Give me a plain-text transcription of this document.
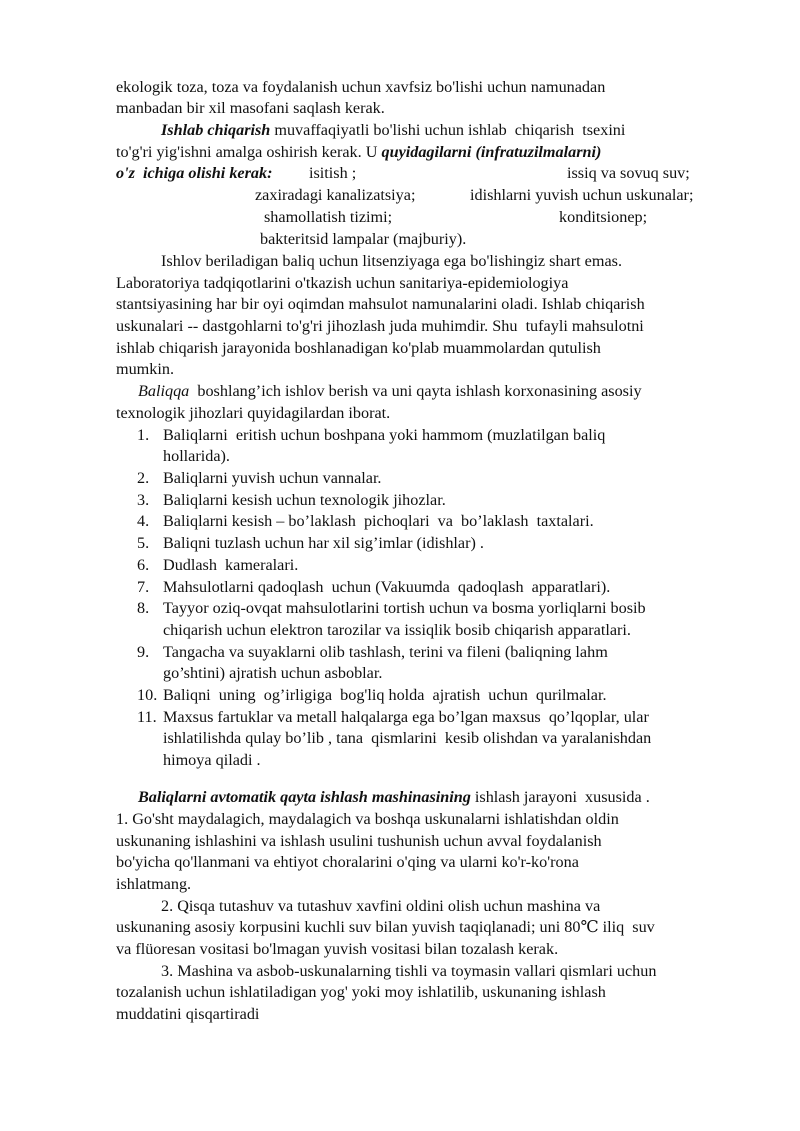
ekologik toza, toza va foydalanish uchun xavfsiz bo'lishi uchun namunadan
manbadan bir xil masofani saqlash kerak.
Ishlab chiqarish muvaffaqiyatli bo'lishi uchun ishlab  chiqarish  tsexini
to'g'ri yig'ishni amalga oshirish kerak. U quyidagilarni (infratuzilmalarni)
o'z  ichiga olishi kerak: isitish ;	issiq va sovuq suv;
zaxiradagi kanalizatsiya;	idishlarni yuvish uchun uskunalar;
shamollatish tizimi;	konditsionep;
bakteritsid lampalar (majburiy).
Ishlov beriladigan baliq uchun litsenziyaga ega bo'lishingiz shart emas.
Laboratoriya tadqiqotlarini o'tkazish uchun sanitariya-epidemiologiya
stantsiyasining har bir oyi oqimdan mahsulot namunalarini oladi. Ishlab chiqarish
uskunalari -- dastgohlarni to'g'ri jihozlash juda muhimdir. Shu  tufayli mahsulotni
ishlab chiqarish jarayonida boshlanadigan ko'plab muammolardan qutulish
mumkin.
Baliqqa  boshlang’ich ishlov berish va uni qayta ishlash korxonasining asosiy
texnologik jihozlari quyidagilardan iborat.
1. Baliqlarni  eritish uchun boshpana yoki hammom (muzlatilgan baliq
hollarida).
2. Baliqlarni yuvish uchun vannalar.
3. Baliqlarni kesish uchun texnologik jihozlar.
4. Baliqlarni kesish – bo’laklash  pichoqlari  va  bo’laklash  taxtalari.
5. Baliqni tuzlash uchun har xil sig’imlar (idishlar) .
6. Dudlash  kameralari.
7. Mahsulotlarni qadoqlash  uchun (Vakuumda  qadoqlash  apparatlari).
8. Tayyor oziq-ovqat mahsulotlarini tortish uchun va bosma yorliqlarni bosib
chiqarish uchun elektron tarozilar va issiqlik bosib chiqarish apparatlari.
9. Tangacha va suyaklarni olib tashlash, terini va fileni (baliqning lahm
go’shtini) ajratish uchun asboblar.
10. Baliqni  uning  og’irligiga  bog'liq holda  ajratish  uchun  qurilmalar.
11. Maxsus fartuklar va metall halqalarga ega bo’lgan maxsus  qo’lqoplar, ular
ishlatilishda qulay bo’lib , tana  qismlarini  kesib olishdan va yaralanishdan
himoya qiladi .
Baliqlarni avtomatik qayta ishlash mashinasining ishlash jarayoni  xususida .
1. Go'sht maydalagich, maydalagich va boshqa uskunalarni ishlatishdan oldin
uskunaning ishlashini va ishlash usulini tushunish uchun avval foydalanish
bo'yicha qo'llanmani va ehtiyot choralarini o'qing va ularni ko'r-ko'rona
ishlatmang.
2. Qisqa tutashuv va tutashuv xavfini oldini olish uchun mashina va
uskunaning asosiy korpusini kuchli suv bilan yuvish taqiqlanadi; uni 80℃ iliq  suv
va flüoresan vositasi bo'lmagan yuvish vositasi bilan tozalash kerak.
3. Mashina va asbob-uskunalarning tishli va toymasin vallari qismlari uchun
tozalanish uchun ishlatiladigan yog' yoki moy ishlatilib, uskunaning ishlash
muddatini qisqartiradi
